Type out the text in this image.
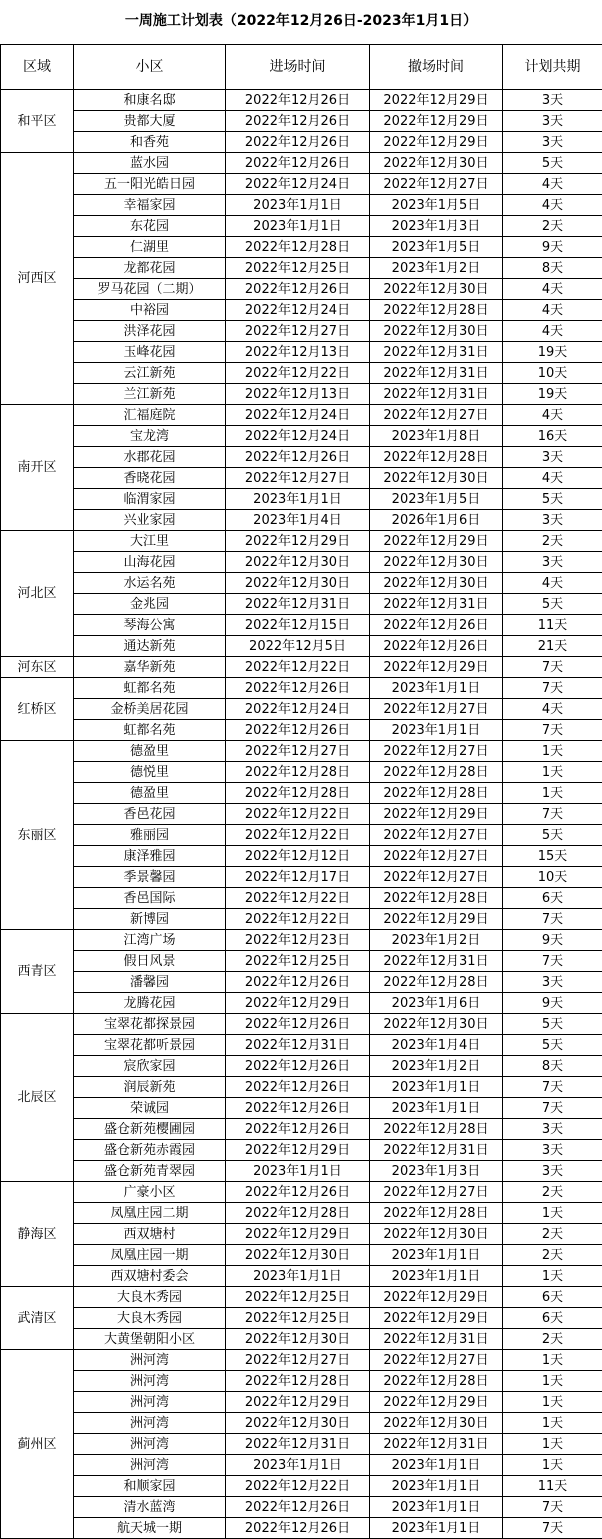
一周施工计划表（2022年12月26日-2023年1月1日）
区域	小区	进场时间	撤场时间	计划共期
和平区	和康名邸	2022年12月26日	2022年12月29日	3天
	贵都大厦	2022年12月26日	2022年12月29日	3天
	和香苑	2022年12月26日	2022年12月29日	3天
河西区	蓝水园	2022年12月26日	2022年12月30日	5天
	五一阳光皓日园	2022年12月24日	2022年12月27日	4天
	幸福家园	2023年1月1日	2023年1月5日	4天
	东花园	2023年1月1日	2023年1月3日	2天
	仁湖里	2022年12月28日	2023年1月5日	9天
	龙都花园	2022年12月25日	2023年1月2日	8天
	罗马花园（二期）	2022年12月26日	2022年12月30日	4天
	中裕园	2022年12月24日	2022年12月28日	4天
	洪泽花园	2022年12月27日	2022年12月30日	4天
	玉峰花园	2022年12月13日	2022年12月31日	19天
	云江新苑	2022年12月22日	2022年12月31日	10天
	兰江新苑	2022年12月13日	2022年12月31日	19天
南开区	汇福庭院	2022年12月24日	2022年12月27日	4天
	宝龙湾	2022年12月24日	2023年1月8日	16天
	水郡花园	2022年12月26日	2022年12月28日	3天
	香晓花园	2022年12月27日	2022年12月30日	4天
	临渭家园	2023年1月1日	2023年1月5日	5天
	兴业家园	2023年1月4日	2026年1月6日	3天
河北区	大江里	2022年12月29日	2022年12月29日	2天
	山海花园	2022年12月30日	2022年12月30日	3天
	水运名苑	2022年12月30日	2022年12月30日	4天
	金兆园	2022年12月31日	2022年12月31日	5天
	琴海公寓	2022年12月15日	2022年12月26日	11天
	通达新苑	2022年12月5日	2022年12月26日	21天
河东区	嘉华新苑	2022年12月22日	2022年12月29日	7天
红桥区	虹都名苑	2022年12月26日	2023年1月1日	7天
	金桥美居花园	2022年12月24日	2022年12月27日	4天
	虹都名苑	2022年12月26日	2023年1月1日	7天
东丽区	德盈里	2022年12月27日	2022年12月27日	1天
	德悦里	2022年12月28日	2022年12月28日	1天
	德盈里	2022年12月28日	2022年12月28日	1天
	香邑花园	2022年12月22日	2022年12月29日	7天
	雅丽园	2022年12月22日	2022年12月27日	5天
	康泽雅园	2022年12月12日	2022年12月27日	15天
	季景馨园	2022年12月17日	2022年12月27日	10天
	香邑国际	2022年12月22日	2022年12月28日	6天
	新博园	2022年12月22日	2022年12月29日	7天
西青区	江湾广场	2022年12月23日	2023年1月2日	9天
	假日风景	2022年12月25日	2022年12月31日	7天
	潘馨园	2022年12月26日	2022年12月28日	3天
	龙腾花园	2022年12月29日	2023年1月6日	9天
北辰区	宝翠花都探景园	2022年12月26日	2022年12月30日	5天
	宝翠花都听景园	2022年12月31日	2023年1月4日	5天
	宸欣家园	2022年12月26日	2023年1月2日	8天
	润辰新苑	2022年12月26日	2023年1月1日	7天
	荣诚园	2022年12月26日	2023年1月1日	7天
	盛仓新苑樱圃园	2022年12月26日	2022年12月28日	3天
	盛仓新苑赤霞园	2022年12月29日	2022年12月31日	3天
	盛仓新苑青翠园	2023年1月1日	2023年1月3日	3天
静海区	广豪小区	2022年12月26日	2022年12月27日	2天
	凤凰庄园二期	2022年12月28日	2022年12月28日	1天
	西双塘村	2022年12月29日	2022年12月30日	2天
	凤凰庄园一期	2022年12月30日	2023年1月1日	2天
	西双塘村委会	2023年1月1日	2023年1月1日	1天
武清区	大良木秀园	2022年12月25日	2022年12月29日	6天
	大良木秀园	2022年12月25日	2022年12月29日	6天
	大黄堡朝阳小区	2022年12月30日	2022年12月31日	2天
蓟州区	洲河湾	2022年12月27日	2022年12月27日	1天
	洲河湾	2022年12月28日	2022年12月28日	1天
	洲河湾	2022年12月29日	2022年12月29日	1天
	洲河湾	2022年12月30日	2022年12月30日	1天
	洲河湾	2022年12月31日	2022年12月31日	1天
	洲河湾	2023年1月1日	2023年1月1日	1天
	和顺家园	2022年12月22日	2023年1月1日	11天
	清水蓝湾	2022年12月26日	2023年1月1日	7天
	航天城一期	2022年12月26日	2023年1月1日	7天
